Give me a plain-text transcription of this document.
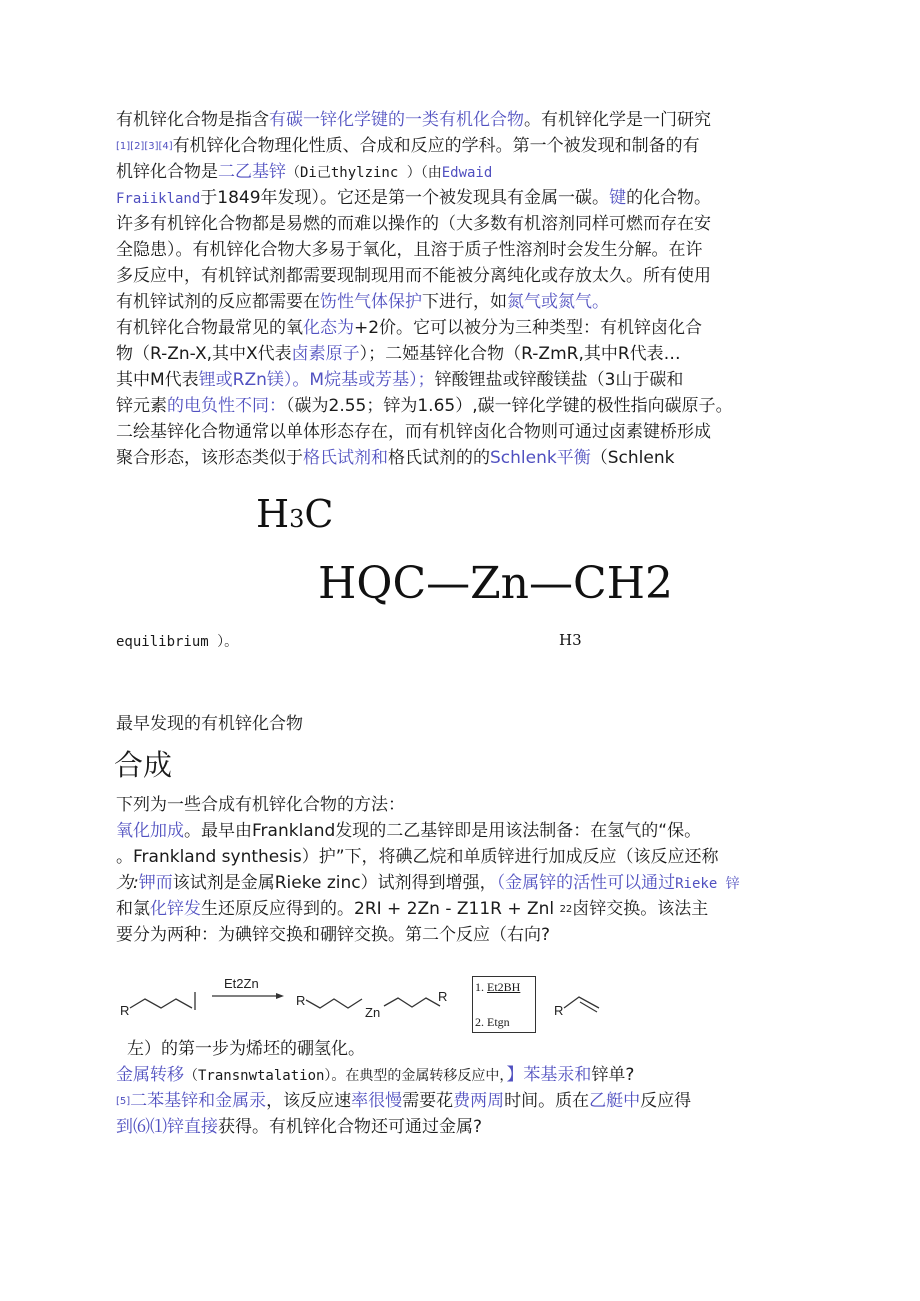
有机锌化合物是指含有碳一锌化学键的一类有机化合物。有机锌化学是一门研究
[1][2][3][4]有机锌化合物理化性质、合成和反应的学科。第一个被发现和制备的有
机锌化合物是二乙基锌（Di己thylzinc ）（由Edwaid
Fraiikland于1849年发现）。它还是第一个被发现具有金属一碳。键的化合物。
许多有机锌化合物都是易燃的而难以操作的（大多数有机溶剂同样可燃而存在安
全隐患）。有机锌化合物大多易于氧化，且溶于质子性溶剂时会发生分解。在许
多反应中，有机锌试剂都需要现制现用而不能被分离纯化或存放太久。所有使用
有机锌试剂的反应都需要在饬性气体保护下进行，如氮气或氮气。
有机锌化合物最常见的氧化态为+2价。它可以被分为三种类型：有机锌卤化合
物（R-Zn-X,其中X代表卤素原子）；二婭基锌化合物（R-ZmR,其中R代表…
其中M代表锂或RZn镁）。M烷基或芳基）；锌酸锂盐或锌酸镁盐（3山于碳和
锌元素的电负性不同：（碳为2.55；锌为1.65）,碳一锌化学键的极性指向碳原子。
二绘基锌化合物通常以单体形态存在，而有机锌卤化合物则可通过卤素键桥形成
聚合形态，该形态类似于格氏试剂和格氏试剂的的Schlenk平衡（Schlenk
H3C
HQC—Zn—CH2
H3
equilibrium ）。
最早发现的有机锌化合物
合成
下列为一些合成有机锌化合物的方法：
氧化加成。最早由Frankland发现的二乙基锌即是用该法制备：在氢气的“保。
。Frankland synthesis）护”下，将碘乙烷和单质锌进行加成反应（该反应还称
为:钾而该试剂是金属Rieke zinc）试剂得到增强，（金属锌的活性可以通过Rieke 锌
和氯化锌发生还原反应得到的。2RI + 2Zn - Z11R + Znl $^{22}$卤锌交换。该法主
要分为两种：为碘锌交换和硼锌交换。第二个反应（右向?
R
Et2Zn
R
Zn
R
R
1. Et2BH
2. Etgn
左）的第一步为烯坯的硼氢化。
金属转移（Transnwtalation）。在典型的金属转移反应中，】苯基汞和锌单?
[5]二苯基锌和金属汞，该反应速率很慢需要花费两周时间。质在乙艇中反应得
到⑹⑴锌直接获得。有机锌化合物还可通过金属?
